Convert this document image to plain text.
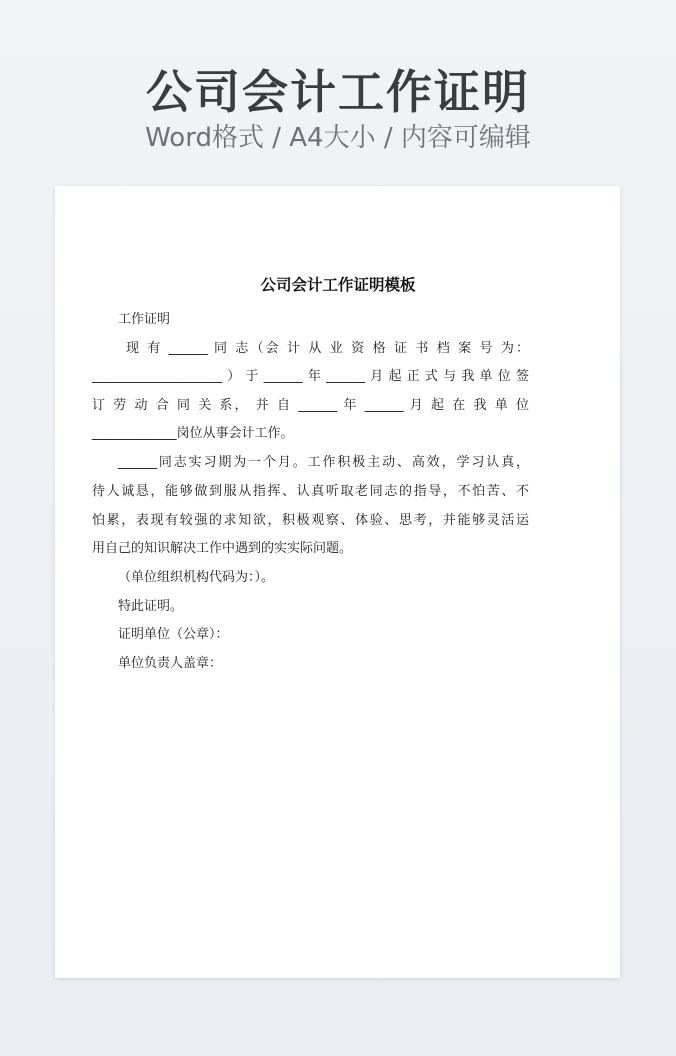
公司会计工作证明
Word格式 / A4大小 / 内容可编辑
公司会计工作证明模板
工作证明
现 有 ______ 同 志（会 计 从 业 资 格 证 书 档 案 号 为：
____________________）于______年______月起正式与我单位签
订 劳 动 合 同 关 系， 并 自 ______ 年 ______ 月 起 在 我 单 位
_____________岗位从事会计工作。
______同志实习期为一个月。工作积极主动、高效，学习认真，
待人诚恳，能够做到服从指挥、认真听取老同志的指导，不怕苦、不
怕累，表现有较强的求知欲，积极观察、体验、思考，并能够灵活运
用自己的知识解决工作中遇到的实实际问题。
（单位组织机构代码为：）。
特此证明。
证明单位（公章）：
单位负责人盖章：
